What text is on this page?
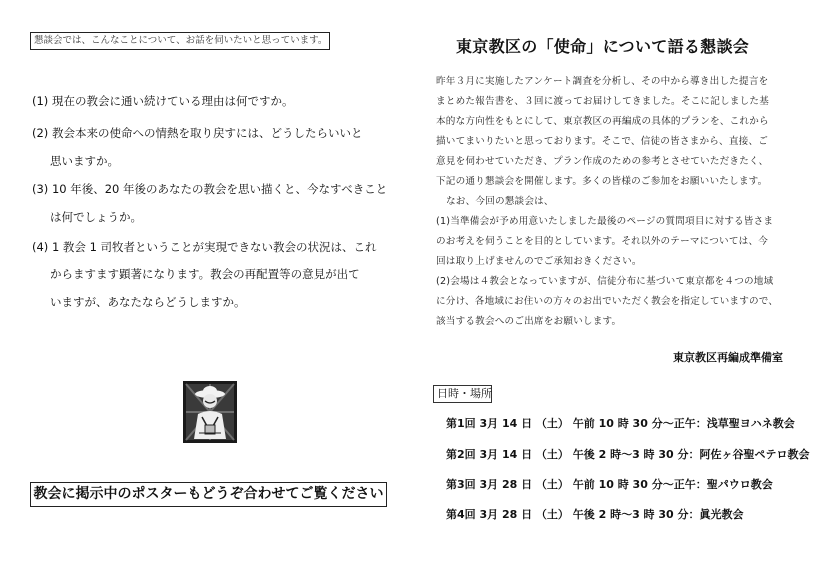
懇談会では、こんなことについて、お話を伺いたいと思っています。
(1) 現在の教会に通い続けている理由は何ですか。
(2) 教会本来の使命への情熱を取り戻すには、どうしたらいいと
思いますか。
(3) 10 年後、20 年後のあなたの教会を思い描くと、今なすべきこと
は何でしょうか。
(4) 1 教会 1 司牧者ということが実現できない教会の状況は、これ
からますます顕著になります。教会の再配置等の意見が出て
いますが、あなたならどうしますか。
教会に掲示中のポスターもどうぞ合わせてご覧ください
東京教区の「使命」について語る懇談会
昨年３月に実施したアンケート調査を分析し、その中から導き出した提言を
まとめた報告書を、３回に渡ってお届けしてきました。そこに記しました基
本的な方向性をもとにして、東京教区の再編成の具体的プランを、これから
描いてまいりたいと思っております。そこで、信徒の皆さまから、直接、ご
意見を伺わせていただき、プラン作成のための参考とさせていただきたく、
下記の通り懇談会を開催します。多くの皆様のご参加をお願いいたします。
なお、今回の懇談会は、
(1)当準備会が予め用意いたしました最後のページの質問項目に対する皆さま
のお考えを伺うことを目的としています。それ以外のテーマについては、今
回は取り上げませんのでご承知おきください。
(2)会場は４教会となっていますが、信徒分布に基づいて東京都を４つの地域
に分け、各地域にお住いの方々のお出でいただく教会を指定していますので、
該当する教会へのご出席をお願いします。
東京教区再編成準備室
日時・場所
第1回 3月 14 日 （土） 午前 10 時 30 分～正午：浅草聖ヨハネ教会
第2回 3月 14 日 （土） 午後 2 時～3 時 30 分：阿佐ヶ谷聖ペテロ教会
第3回 3月 28 日 （土） 午前 10 時 30 分～正午：聖パウロ教会
第4回 3月 28 日 （土） 午後 2 時～3 時 30 分：眞光教会
